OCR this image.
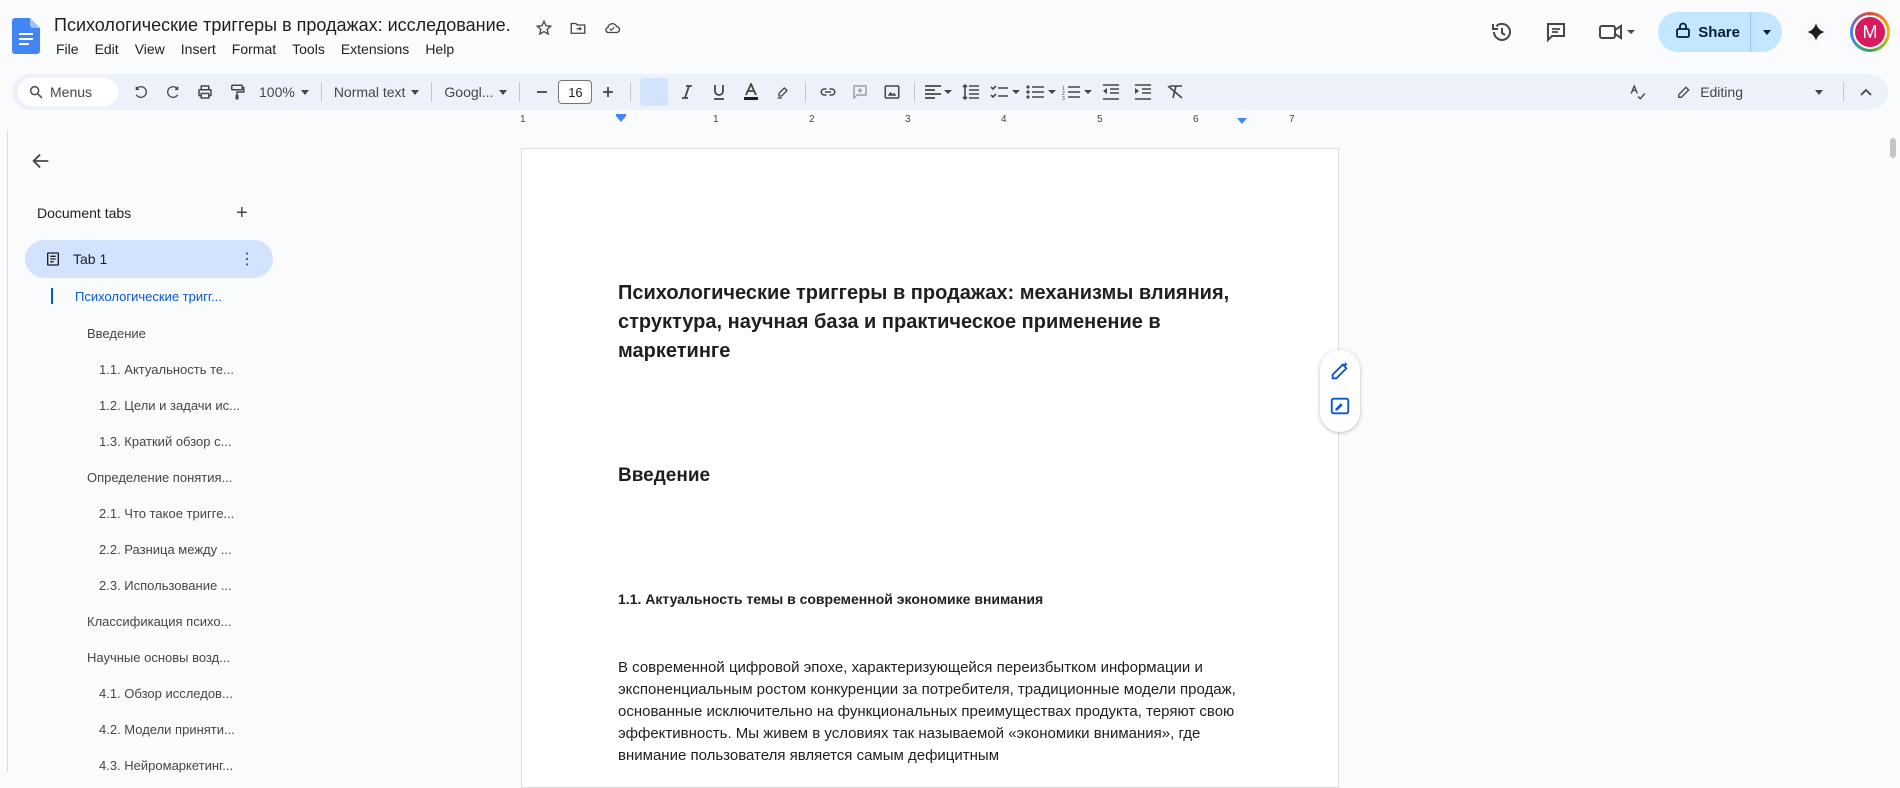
Психологические триггеры в продажах: исследование.
File	Edit	View	Insert	Format	Tools	Extensions	Help
Share	M
Menus	100%	Normal text	Googl...	16	1
2
3	Editing
1	1	2	3	4	5	6	7
Document tabs	+
Tab 1	⋮
Психологические тригг...
Введение
1.1. Актуальность те...
1.2. Цели и задачи ис...
1.3. Краткий обзор с...
Определение понятия...
2.1. Что такое тригге...
2.2. Разница между ...
2.3. Использование ...
Классификация психо...
Научные основы возд...
4.1. Обзор исследов...
4.2. Модели приняти...
4.3. Нейромаркетинг...
Психологические триггеры в продажах: механизмы влияния, структура, научная база и практическое применение в маркетинге
Введение
1.1. Актуальность темы в современной экономике внимания
В современной цифровой эпохе, характеризующейся переизбытком информации и экспоненциальным ростом конкуренции за потребителя, традиционные модели продаж, основанные исключительно на функциональных преимуществах продукта, теряют свою эффективность. Мы живем в условиях так называемой «экономики внимания», где внимание пользователя является самым дефицитным
